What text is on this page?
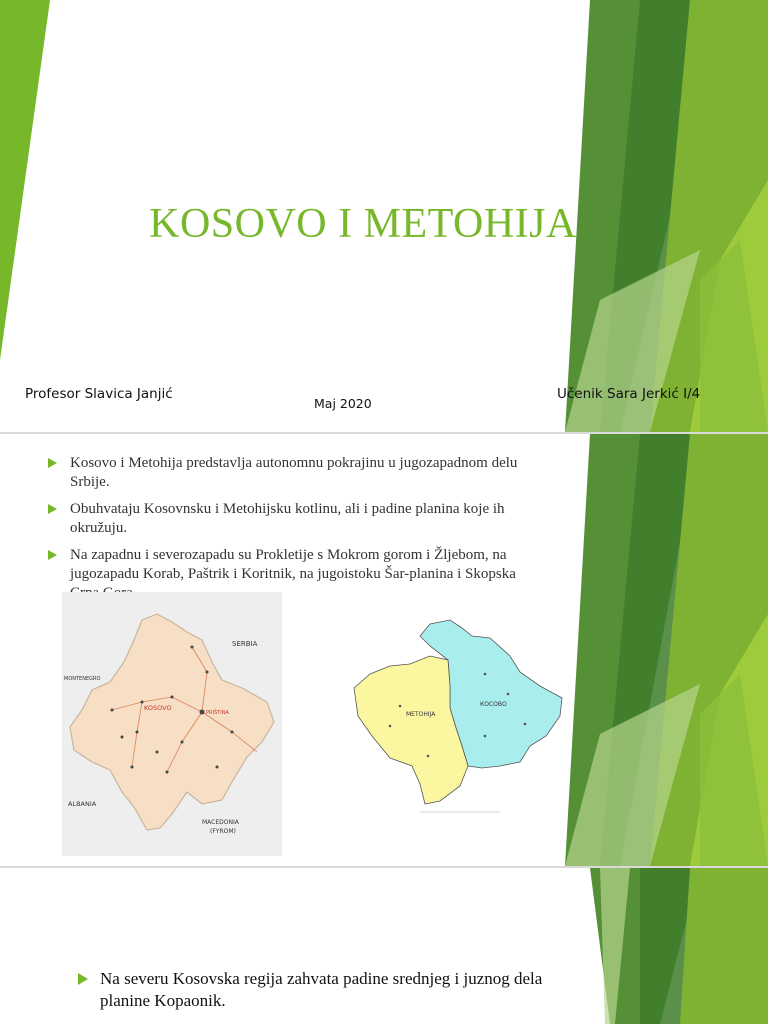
KOSOVO I METOHIJA
Profesor Slavica Janjić
Maj 2020
Učenik Sara Jerkić I/4
Kosovo i Metohija predstavlja autonomnu pokrajinu u jugozapadnom delu Srbije.
Obuhvataju Kosovnsku i Metohijsku kotlinu, ali i padine planina koje ih okružuju.
Na zapadnu i severozapadu su Prokletije s Mokrom gorom i Žljebom, na jugozapadu Korab, Paštrik i Koritnik, na jugoistoku Šar-planina i Skopska
SERBIA
MONTENEGRO
KOSOVO
PRIŠTINA
ALBANIA
MACEDONIA
(FYROM)
METOHIJA
КОСОВО
Na severu Kosovska regija zahvata padine srednjeg i juznog dela planine Kopaonik.
